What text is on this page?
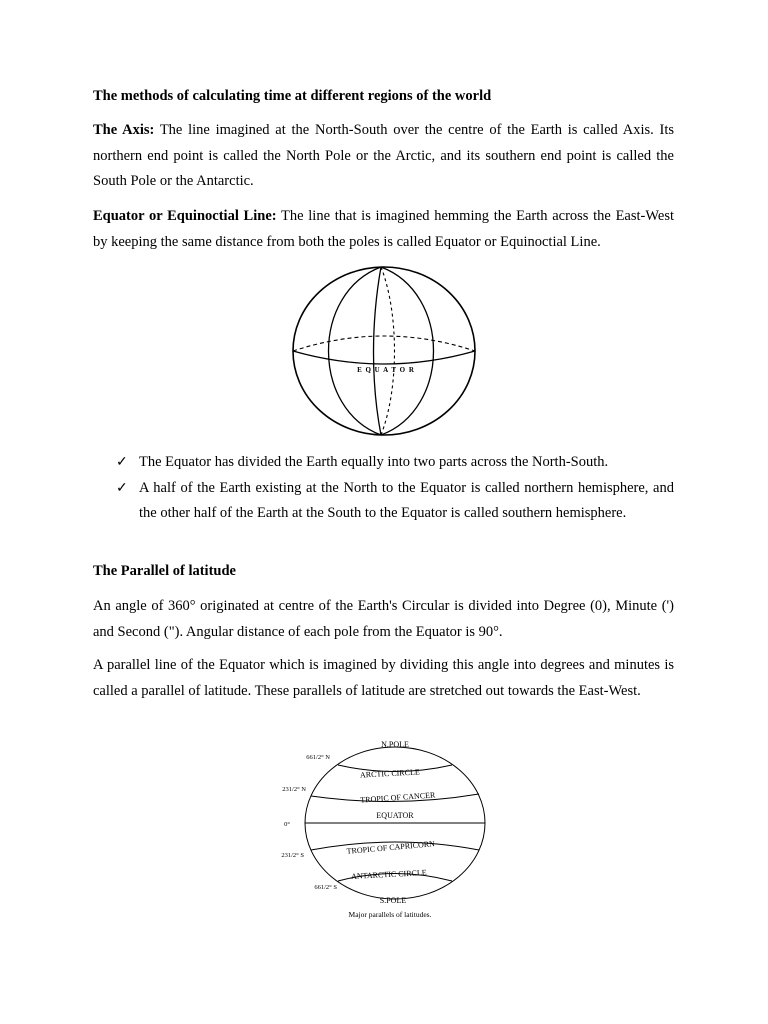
The methods of calculating time at different regions of the world

The Axis: The line imagined at the North-South over the centre of the Earth is called Axis. Its northern end point is called the North Pole or the Arctic, and its southern end point is called the South Pole or the Antarctic.

Equator or Equinoctial Line: The line that is imagined hemming the Earth across the East-West by keeping the same distance from both the poles is called Equator or Equinoctial Line.

E Q U A T O R
✓ The Equator has divided the Earth equally into two parts across the North-South.
✓ A half of the Earth existing at the North to the Equator is called northern hemisphere, and the other half of the Earth at the South to the Equator is called southern hemisphere.
The Parallel of latitude

An angle of 360° originated at centre of the Earth's Circular is divided into Degree (0), Minute (') and Second ("). Angular distance of each pole from the Equator is 90°.

A parallel line of the Equator which is imagined by dividing this angle into degrees and minutes is called a parallel of latitude. These parallels of latitude are stretched out towards the East-West.

N.POLE
661/2° N
ARCTIC CIRCLE
231/2° N
TROPIC OF CANCER
0°
EQUATOR
231/2° S	TROPIC OF CAPRICORN
ANTARCTIC CIRCLE
661/2° S
S.POLE
Major parallels of latitudes.
